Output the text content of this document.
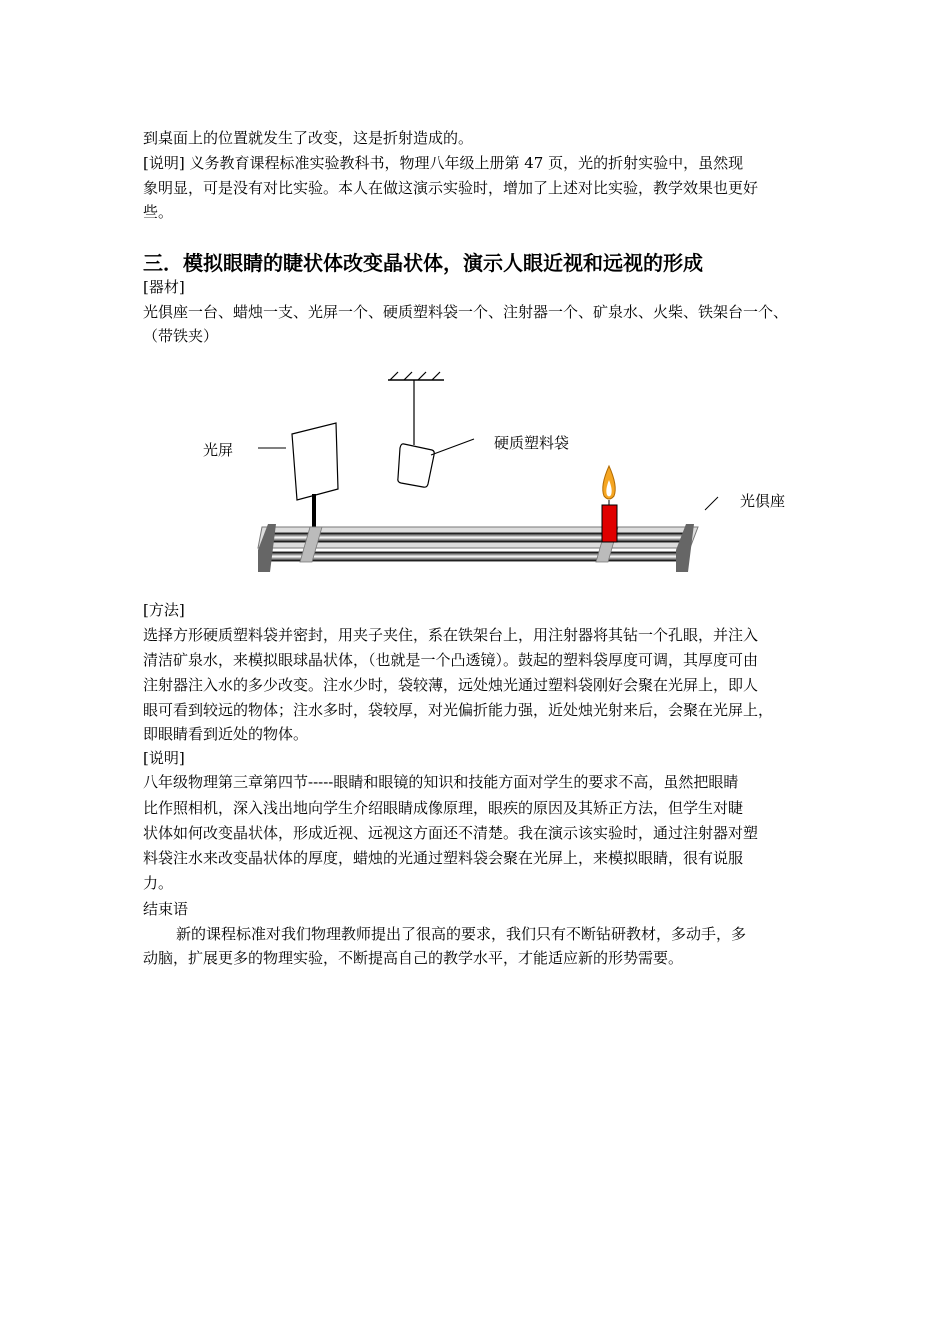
到桌面上的位置就发生了改变，这是折射造成的。
[说明] 义务教育课程标准实验教科书，物理八年级上册第 47 页，光的折射实验中，虽然现
象明显，可是没有对比实验。本人在做这演示实验时，增加了上述对比实验，教学效果也更好
些。
三．模拟眼睛的睫状体改变晶状体，演示人眼近视和远视的形成
[器材]
光俱座一台、蜡烛一支、光屏一个、硬质塑料袋一个、注射器一个、矿泉水、火柴、铁架台一个、
（带铁夹）
光屏	硬质塑料袋
光俱座
[方法]
选择方形硬质塑料袋并密封，用夹子夹住，系在铁架台上，用注射器将其钻一个孔眼，并注入
清洁矿泉水，来模拟眼球晶状体，（也就是一个凸透镜）。鼓起的塑料袋厚度可调，其厚度可由
注射器注入水的多少改变。注水少时，袋较薄，远处烛光通过塑料袋刚好会聚在光屏上，即人
眼可看到较远的物体；注水多时，袋较厚，对光偏折能力强，近处烛光射来后，会聚在光屏上，
即眼睛看到近处的物体。
[说明]
八年级物理第三章第四节-----眼睛和眼镜的知识和技能方面对学生的要求不高，虽然把眼睛
比作照相机，深入浅出地向学生介绍眼睛成像原理，眼疾的原因及其矫正方法，但学生对睫
状体如何改变晶状体，形成近视、远视这方面还不清楚。我在演示该实验时，通过注射器对塑
料袋注水来改变晶状体的厚度，蜡烛的光通过塑料袋会聚在光屏上，来模拟眼睛，很有说服
力。
结束语
新的课程标准对我们物理教师提出了很高的要求，我们只有不断钻研教材，多动手，多
动脑，扩展更多的物理实验，不断提高自己的教学水平，才能适应新的形势需要。
